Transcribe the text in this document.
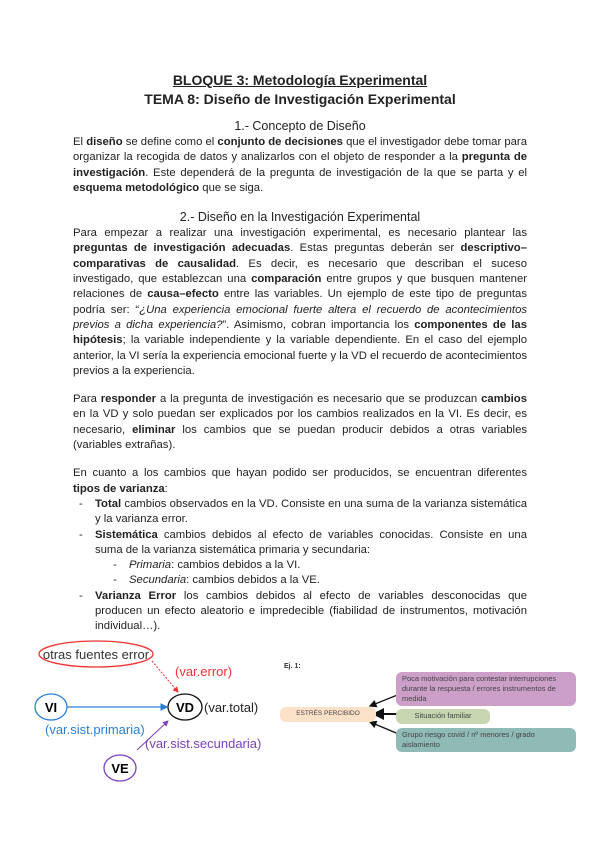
BLOQUE 3: Metodología Experimental
TEMA 8: Diseño de Investigación Experimental
1.- Concepto de Diseño

El diseño se define como el conjunto de decisiones que el investigador debe tomar para organizar la recogida de datos y analizarlos con el objeto de responder a la pregunta de investigación. Este dependerá de la pregunta de investigación de la que se parta y el esquema metodológico que se siga.

2.- Diseño en la Investigación Experimental

Para empezar a realizar una investigación experimental, es necesario plantear las preguntas de investigación adecuadas. Estas preguntas deberán ser descriptivo–comparativas de causalidad. Es decir, es necesario que describan el suceso investigado, que establezcan una comparación entre grupos y que busquen mantener relaciones de causa–efecto entre las variables. Un ejemplo de este tipo de preguntas podría ser: “¿Una experiencia emocional fuerte altera el recuerdo de acontecimientos previos a dicha experiencia?”. Asimismo, cobran importancia los componentes de las hipótesis; la variable independiente y la variable dependiente. En el caso del ejemplo anterior, la VI sería la experiencia emocional fuerte y la VD el recuerdo de acontecimientos previos a la experiencia.

Para responder a la pregunta de investigación es necesario que se produzcan cambios en la VD y solo puedan ser explicados por los cambios realizados en la VI. Es decir, es necesario, eliminar los cambios que se puedan producir debidos a otras variables (variables extrañas).

En cuanto a los cambios que hayan podido ser producidos, se encuentran diferentes tipos de varianza:

- Total cambios observados en la VD. Consiste en una suma de la varianza sistemática y la varianza error.
- Sistemática cambios debidos al efecto de variables conocidas. Consiste en una suma de la varianza sistemática primaria y secundaria:
- Primaria: cambios debidos a la VI.
- Secundaria: cambios debidos a la VE.
- Varianza Error los cambios debidos al efecto de variables desconocidas que producen un efecto aleatorio e impredecible (fiabilidad de instrumentos, motivación individual…).
otras fuentes error
(var.error)
VI	VD (var.total)
(var.sist.primaria)
(var.sist.secundaria)
VE
Ej. 1:
ESTRÉS PERCIBIDO
Poca motivación para contestar interrupciones durante la respuesta / errores instrumentos de medida
Situación familiar
Grupo riesgo covid / nº menores / grado aislamiento
